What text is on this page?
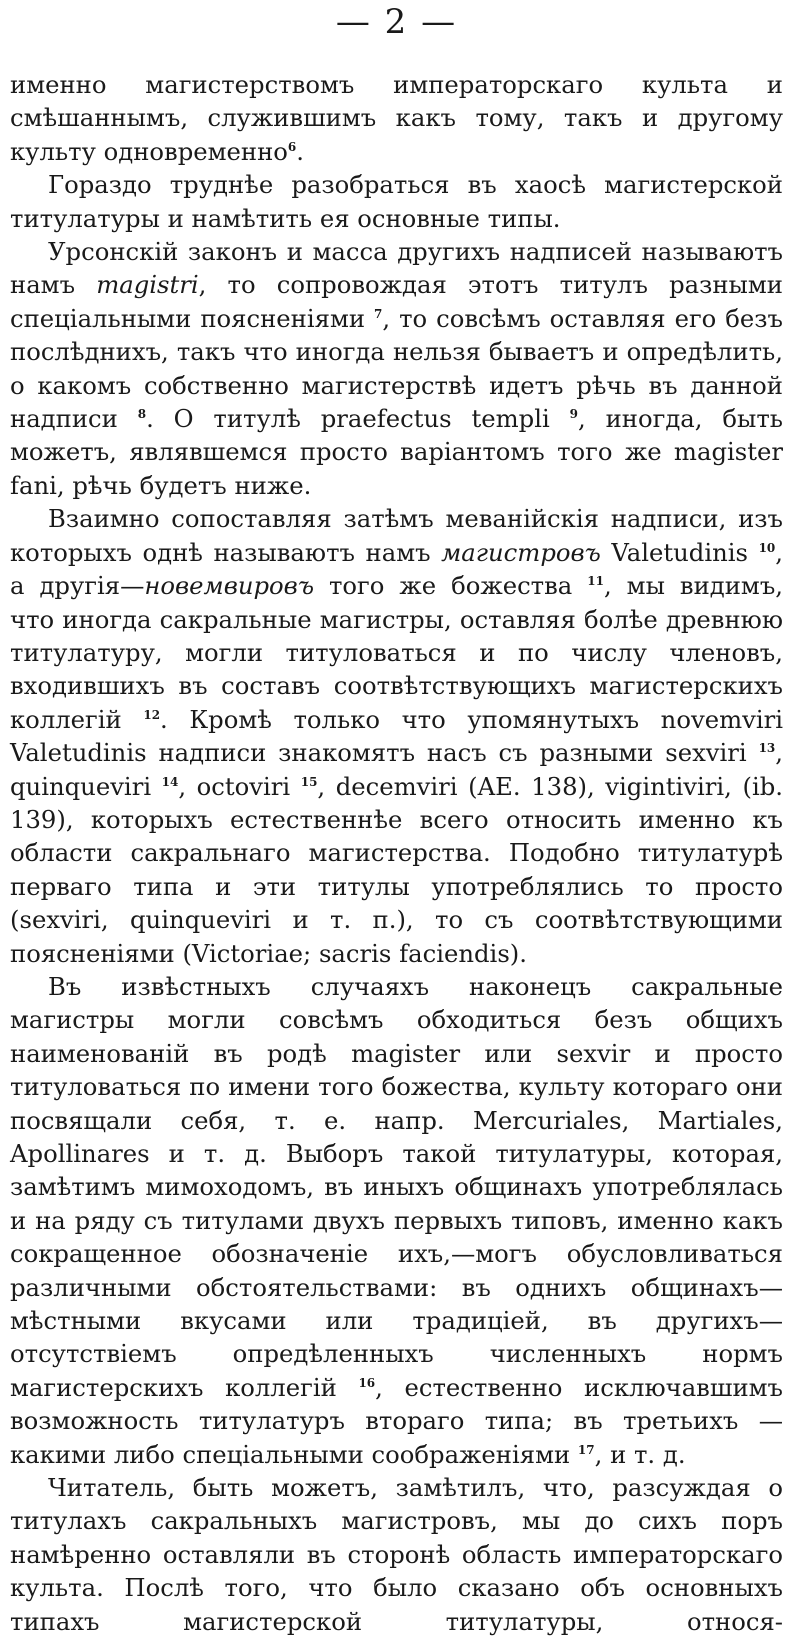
— 2 —

именно магистерствомъ императорскаго культа и смѣшаннымъ, служившимъ какъ тому, такъ и другому культу одновременно$^6$.

Гораздо труднѣе разобраться въ хаосѣ магистерской титулатуры и намѣтить ея основные типы.

Урсонскій законъ и масса другихъ надписей называютъ намъ magistri, то сопровождая этотъ титулъ разными спеціальными поясненіями $^7$, то совсѣмъ оставляя его безъ послѣднихъ, такъ что иногда нельзя бываетъ и опредѣлить, о какомъ собственно магистерствѣ идетъ рѣчь въ данной надписи $^8$. О титулѣ praefectus templi $^9$, иногда, быть можетъ, являвшемся просто варіантомъ того же magister fani, рѣчь будетъ ниже.

Взаимно сопоставляя затѣмъ меванійскія надписи, изъ которыхъ однѣ называютъ намъ магистровъ Valetudinis $^{10}$, а другія—новемвировъ того же божества $^{11}$, мы видимъ, что иногда сакральные магистры, оставляя болѣе древнюю титулатуру, могли титуловаться и по числу членовъ, входившихъ въ составъ соотвѣтствующихъ магистерскихъ коллегій $^{12}$. Кромѣ только что упомянутыхъ novemviri Valetudinis надписи знакомятъ насъ съ разными sexviri $^{13}$, quinquevirі $^{14}$, octoviri $^{15}$, decemviri (AE. 138), vigintiviri, (ib. 139), которыхъ естественнѣе всего относить именно къ области сакральнаго магистерства. Подобно титулатурѣ перваго типа и эти титулы употреблялись то просто (sexviri, quinquevirі и т. п.), то съ соотвѣтствующими поясненіями (Victoriae; sacris faciendis).

Въ извѣстныхъ случаяхъ наконецъ сакральные магистры могли совсѣмъ обходиться безъ общихъ наименованій въ родѣ magister или sexvir и просто титуловаться по имени того божества, культу котораго они посвящали себя, т. е. напр. Mercuriales, Martiales, Apollinares и т. д. Выборъ такой титулатуры, которая, замѣтимъ мимоходомъ, въ иныхъ общинахъ употреблялась и на ряду съ титулами двухъ первыхъ типовъ, именно какъ сокращенное обозначеніе ихъ,—могъ обусловливаться различными обстоятельствами: въ однихъ общинахъ—мѣстными вкусами или традиціей, въ другихъ—отсутствіемъ опредѣленныхъ численныхъ нормъ магистерскихъ коллегій $^{16}$, естественно исключавшимъ возможность титулатуръ втораго типа; въ третьихъ — какими либо спеціальными соображеніями $^{17}$, и т. д.

Читатель, быть можетъ, замѣтилъ, что, разсуждая о титулахъ сакральныхъ магистровъ, мы до сихъ поръ намѣренно оставляли въ сторонѣ область императорскаго культа. Послѣ того, что было сказано объ основныхъ типахъ магистерской титулатуры, относя-
